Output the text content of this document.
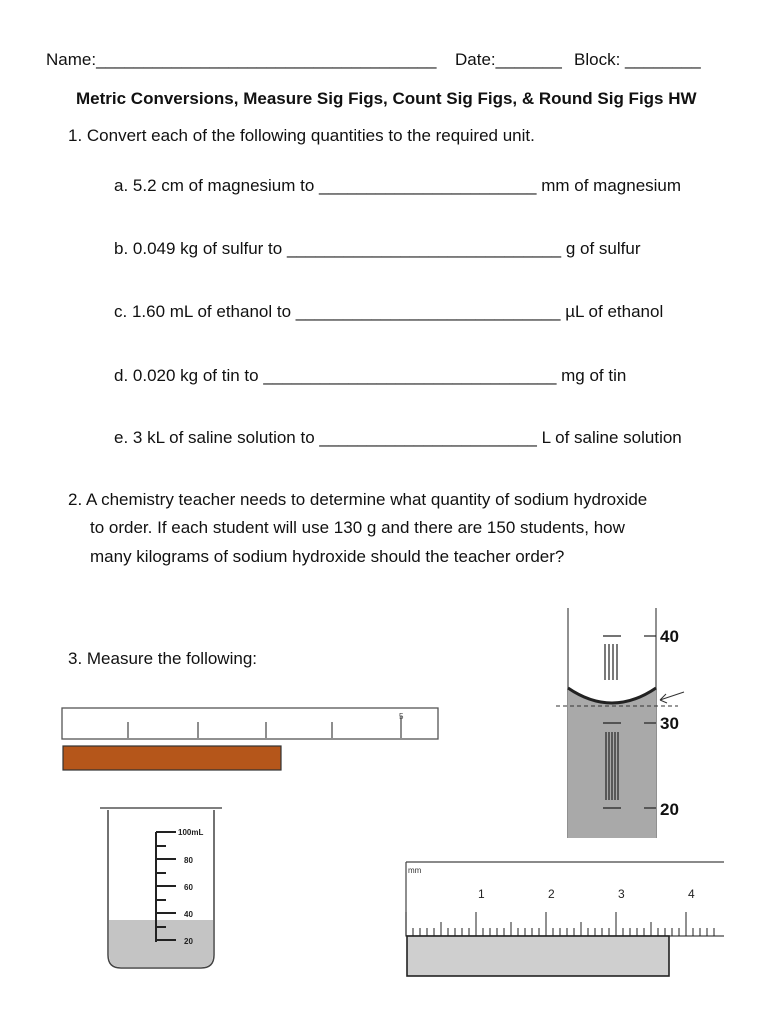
Name:____________________________________ Date:_______ Block: ________
Metric Conversions, Measure Sig Figs, Count Sig Figs, & Round Sig Figs HW
1. Convert each of the following quantities to the required unit.
a. 5.2 cm of magnesium to _______________________ mm of magnesium
b. 0.049 kg of sulfur to _____________________________ g of sulfur
c. 1.60 mL of ethanol to ____________________________ µL of ethanol
d. 0.020 kg of tin to _______________________________ mg of tin
e. 3 kL of saline solution to _______________________ L of saline solution
2. A chemistry teacher needs to determine what quantity of sodium hydroxide
to order. If each student will use 130 g and there are 150 students, how
many kilograms of sodium hydroxide should the teacher order?
3. Measure the following:
5
40
30
20
100mL
80
60
40
20
mm
1	2	3	4
